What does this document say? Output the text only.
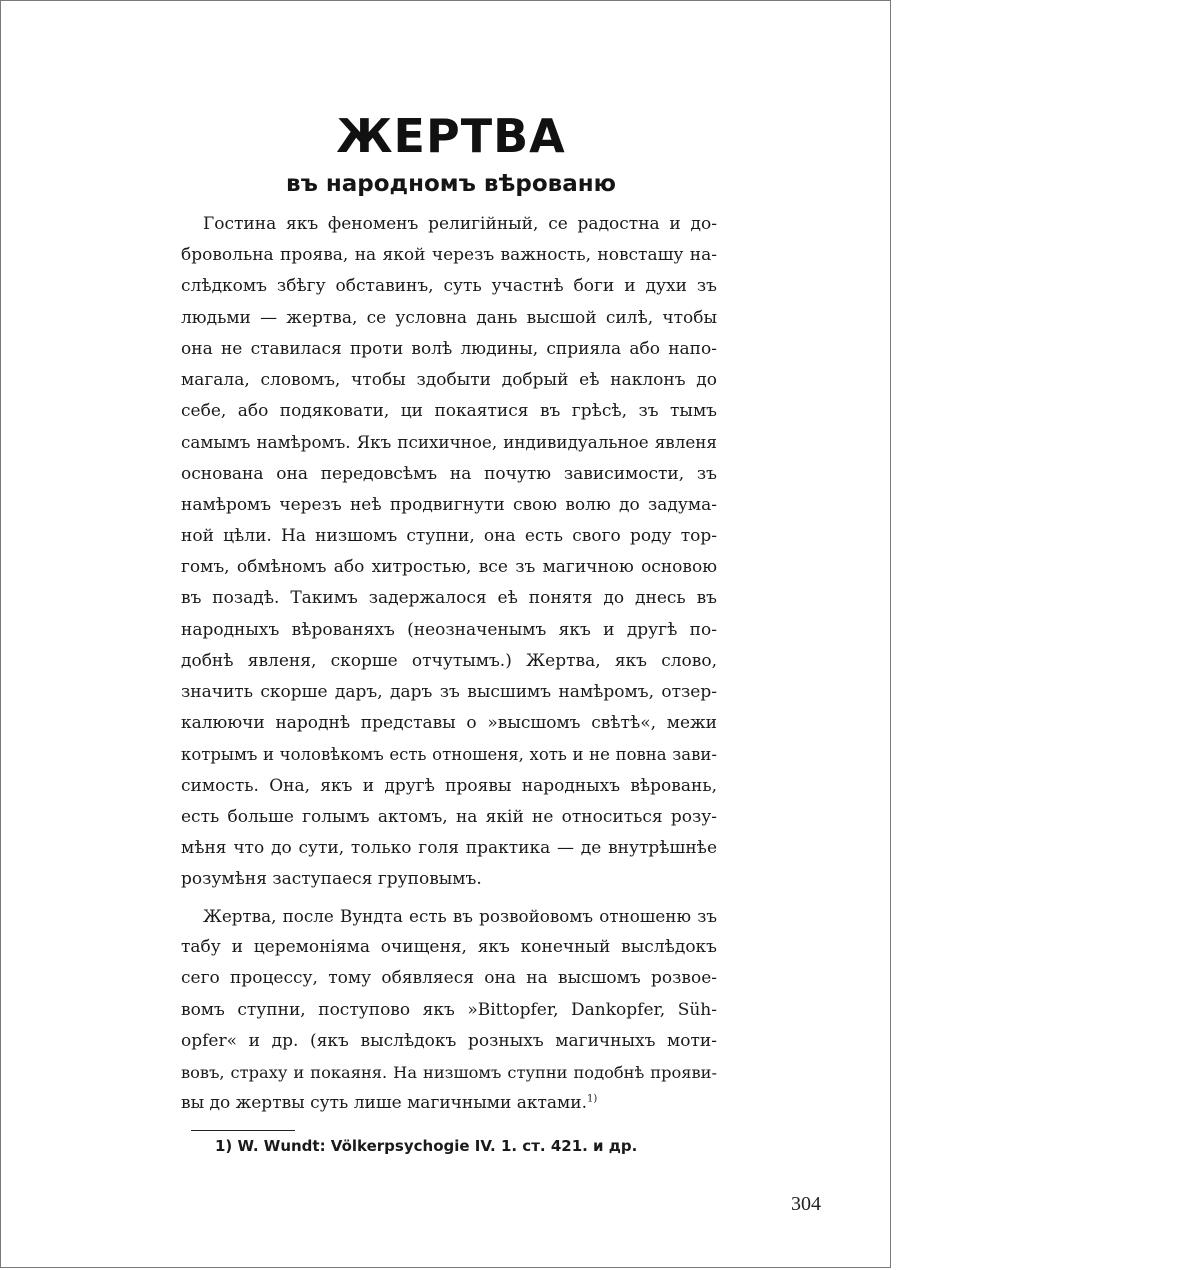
ЖЕРТВА
въ народномъ вѣрованю
Гостина якъ феноменъ религійный, се радостна и до-
бровольна проява, на якой черезъ важность, новсташу на-
слѣдкомъ збѣгу обставинъ, суть участнѣ боги и духи зъ
людьми — жертва, се условна дань высшой силѣ, чтобы
она не ставилася проти волѣ людины, сприяла або напо-
магала, словомъ, чтобы здобыти добрый еѣ наклонъ до
себе, або подяковати, ци покаятися въ грѣсѣ, зъ тымъ
самымъ намѣромъ. Якъ психичное, индивидуальное явленя
основана она передовсѣмъ на почутю зависимости, зъ
намѣромъ черезъ неѣ продвигнути свою волю до задума-
ной цѣли. На низшомъ ступни, она есть свого роду тор-
гомъ, обмѣномъ або хитростью, все зъ магичною основою
въ позадѣ. Такимъ задержалося еѣ понятя до днесь въ
народныхъ вѣрованяхъ (неозначенымъ якъ и другѣ по-
добнѣ явленя, скорше отчутымъ.) Жертва, якъ слово,
значить скорше даръ, даръ зъ высшимъ намѣромъ, отзер-
калюючи народнѣ представы о »высшомъ свѣтѣ«, межи
котрымъ и чоловѣкомъ есть отношеня, хоть и не повна зави-
симость. Она, якъ и другѣ проявы народныхъ вѣровань,
есть больше голымъ актомъ, на якій не относиться розу-
мѣня что до сути, только голя практика — де внутрѣшнѣе
розумѣня заступаеся груповымъ.
Жертва, после Вундта есть въ розвойовомъ отношеню зъ
табу и церемоніяма очищеня, якъ конечный выслѣдокъ
сего процессу, тому обявляеся она на высшомъ розвое-
вомъ ступни, поступово якъ »Bittopfer, Dankopfer, Süh-
opfer« и др. (якъ выслѣдокъ розныхъ магичныхъ моти-
вовъ, страху и покаяня. На низшомъ ступни подобнѣ прояви-
вы до жертвы суть лише магичными актами.$^{1)}$

1) W. Wundt: Völkerpsychogie IV. 1. ст. 421. и др.

304
